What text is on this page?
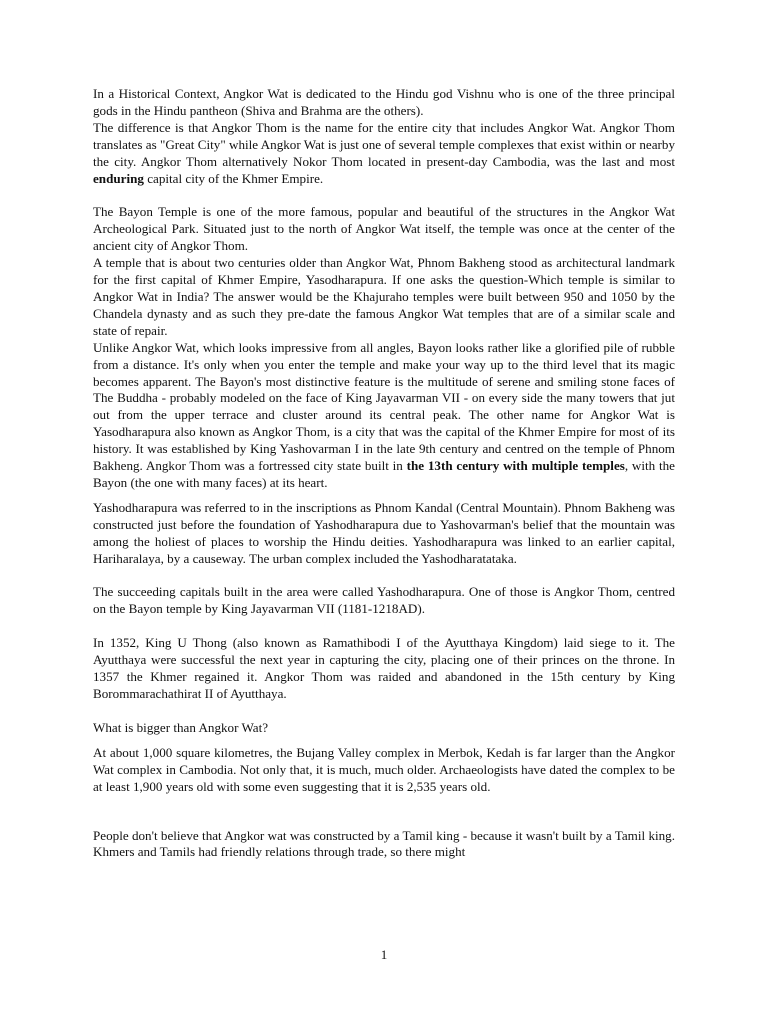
In a Historical Context, Angkor Wat is dedicated to the Hindu god Vishnu who is one of the three principal gods in the Hindu pantheon (Shiva and Brahma are the others).

The difference is that Angkor Thom is the name for the entire city that includes Angkor Wat. Angkor Thom translates as "Great City" while Angkor Wat is just one of several temple complexes that exist within or nearby the city. Angkor Thom alternatively Nokor Thom located in present-day Cambodia, was the last and most enduring capital city of the Khmer Empire.

The Bayon Temple is one of the more famous, popular and beautiful of the structures in the Angkor Wat Archeological Park. Situated just to the north of Angkor Wat itself, the temple was once at the center of the ancient city of Angkor Thom.

A temple that is about two centuries older than Angkor Wat, Phnom Bakheng stood as architectural landmark for the first capital of Khmer Empire, Yasodharapura. If one asks the question-Which temple is similar to Angkor Wat in India? The answer would be the Khajuraho temples were built between 950 and 1050 by the Chandela dynasty and as such they pre-date the famous Angkor Wat temples that are of a similar scale and state of repair.

Unlike Angkor Wat, which looks impressive from all angles, Bayon looks rather like a glorified pile of rubble from a distance. It's only when you enter the temple and make your way up to the third level that its magic becomes apparent. The Bayon's most distinctive feature is the multitude of serene and smiling stone faces of The Buddha - probably modeled on the face of King Jayavarman VII - on every side the many towers that jut out from the upper terrace and cluster around its central peak. The other name for Angkor Wat is Yasodharapura also known as Angkor Thom, is a city that was the capital of the Khmer Empire for most of its history. It was established by King Yashovarman I in the late 9th century and centred on the temple of Phnom Bakheng. Angkor Thom was a fortressed city state built in the 13th century with multiple temples, with the Bayon (the one with many faces) at its heart.

Yashodharapura was referred to in the inscriptions as Phnom Kandal (Central Mountain). Phnom Bakheng was constructed just before the foundation of Yashodharapura due to Yashovarman's belief that the mountain was among the holiest of places to worship the Hindu deities. Yashodharapura was linked to an earlier capital, Hariharalaya, by a causeway. The urban complex included the Yashodharatataka.

The succeeding capitals built in the area were called Yashodharapura. One of those is Angkor Thom, centred on the Bayon temple by King Jayavarman VII (1181-1218AD).

In 1352, King U Thong (also known as Ramathibodi I of the Ayutthaya Kingdom) laid siege to it. The Ayutthaya were successful the next year in capturing the city, placing one of their princes on the throne. In 1357 the Khmer regained it. Angkor Thom was raided and abandoned in the 15th century by King Borommarachathirat II of Ayutthaya.

What is bigger than Angkor Wat?

At about 1,000 square kilometres, the Bujang Valley complex in Merbok, Kedah is far larger than the Angkor Wat complex in Cambodia. Not only that, it is much, much older. Archaeologists have dated the complex to be at least 1,900 years old with some even suggesting that it is 2,535 years old.

People don't believe that Angkor wat was constructed by a Tamil king - because it wasn't built by a Tamil king. Khmers and Tamils had friendly relations through trade, so there might

1
